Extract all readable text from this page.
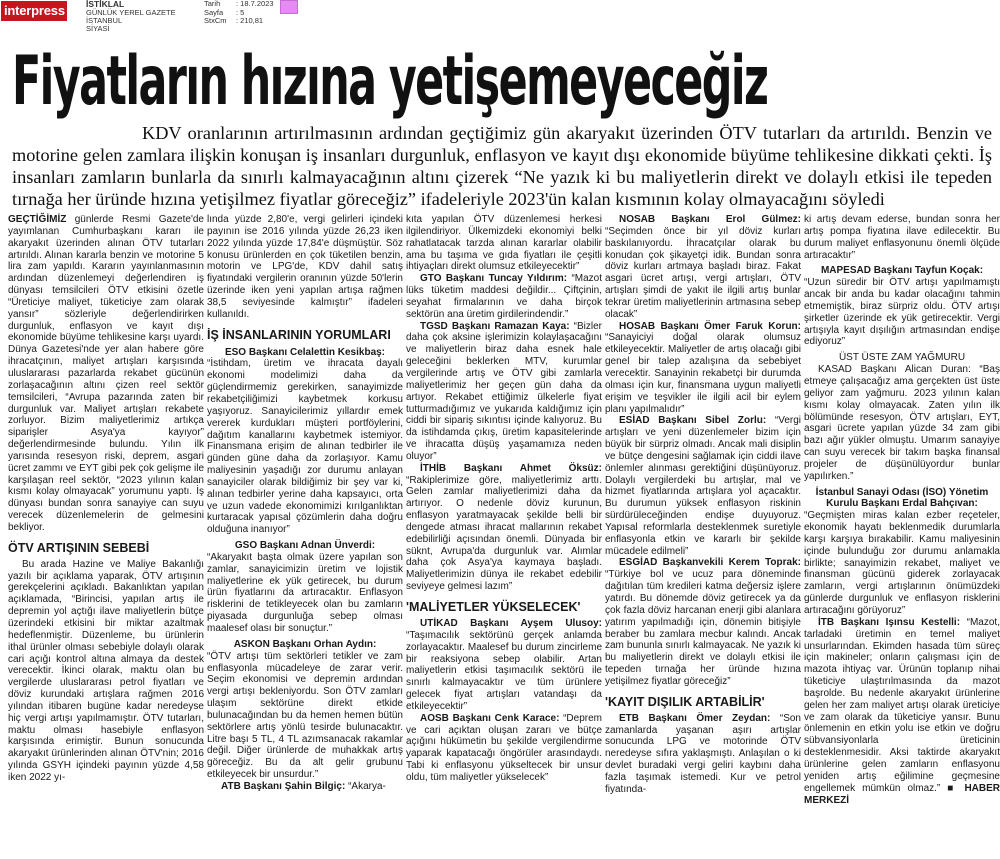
interpress İSTİKLAL
GÜNLÜK YEREL GAZETE
İSTANBUL
SİYASİ
Tarih	: 18.7.2023
Sayfa	: 5
StxCm	: 210,81
Fiyatların hızına yetişemeyeceğiz

KDV oranlarının artırılmasının ardından geçtiğimiz gün akaryakıt üzerinden ÖTV tutarları da artırıldı. Benzin ve motorine gelen zamlara ilişkin konuşan iş insanları durgunluk, enflasyon ve kayıt dışı ekonomide büyüme tehlikesine dikkati çekti. İş insanları zamların bunlarla da sınırlı kalmayacağının altını çizerek “Ne yazık ki bu maliyetlerin direkt ve dolaylı etkisi ile tepeden tırnağa her üründe hızına yetişilmez fiyatlar göreceğiz” ifadeleriyle 2023'ün kalan kısmının kolay olmayacağını söyledi

GEÇTİĞİMİZ günlerde Resmi Gazete'de yayımlanan Cumhurbaşkanı kararı ile akaryakıt üzerinden alınan ÖTV tutarları artırıldı. Alınan kararla benzin ve motorine 5 lira zam yapıldı. Kararın yayınlanmasının ardından düzenlemeyi değerlendiren iş dünyası temsilcileri ÖTV etkisini özetle “Üreticiye maliyet, tüketiciye zam olarak yansır” sözleriyle değerlendirirken durgunluk, enflasyon ve kayıt dışı ekonomide büyüme tehlikesine karşı uyardı. Dünya Gazetesi'nde yer alan habere göre ihracatçının, maliyet artışları karşısında uluslararası pazarlarda rekabet gücünün zorlaşacağının altını çizen reel sektör temsilcileri, “Avrupa pazarında zaten bir durgunluk var. Maliyet artışları rekabete zorluyor. Bizim maliyetlerimiz artıkça siparişler Asya'ya kayıyor” değerlendirmesinde bulundu. Yılın ilk yarısında resesyon riski, deprem, asgari ücret zammı ve EYT gibi pek çok gelişme ile karşılaşan reel sektör, “2023 yılının kalan kısmı kolay olmayacak” yorumunu yaptı. İş dünyası bundan sonra sanayiye can suyu verecek düzenlemelerin de gelmesini bekliyor.

ÖTV ARTIŞININ SEBEBİ

Bu arada Hazine ve Maliye Bakanlığı yazılı bir açıklama yaparak, ÖTV artışının gerekçelerini açıkladı. Bakanlıktan yapılan açıklamada, “Birincisi, yapılan artış ile depremin yol açtığı ilave maliyetlerin bütçe üzerindeki etkisini bir miktar azaltmak hedeflenmiştir. Düzenleme, bu ürünlerin ithal ürünler olması sebebiyle dolaylı olarak cari açığı kontrol altına almaya da destek verecektir. İkinci olarak, maktu olan bu vergilerde uluslararası petrol fiyatları ve döviz kurundaki artışlara rağmen 2016 yılından itibaren bugüne kadar neredeyse hiç vergi artışı yapılmamıştır. ÖTV tutarları, maktu olması hasebiyle enflasyon karşısında erimiştir. Bunun sonucunda akaryakıt ürünlerinden alınan ÖTV'nin; 2016 yılında GSYH içindeki payının yüzde 4,58 iken 2022 yı-

lında yüzde 2,80'e, vergi gelirleri içindeki payının ise 2016 yılında yüzde 26,23 iken 2022 yılında yüzde 17,84'e düşmüştür. Söz konusu ürünlerden en çok tüketilen benzin, motorin ve LPG'de, KDV dahil satış fiyatındaki vergilerin oranının yüzde 50'lerin üzerinde iken yeni yapılan artışa rağmen 38,5 seviyesinde kalmıştır” ifadeleri kullanıldı.

İŞ İNSANLARININ YORUMLARI
ESO Başkanı Celalettin Kesikbaş:

“İstihdam, üretim ve ihracata dayalı ekonomi modelimizi daha da güçlendirmemiz gerekirken, sanayimizde rekabetçiliğimizi kaybetmek korkusu yaşıyoruz. Sanayicilerimiz yıllardır emek vererek kurdukları müşteri portföylerini, dağıtım kanallarını kaybetmek istemiyor. Finansmana erişim de alınan tedbirler ile günden güne daha da zorlaşıyor. Kamu maliyesinin yaşadığı zor durumu anlayan sanayiciler olarak bildiğimiz bir şey var ki, alınan tedbirler yerine daha kapsayıcı, orta ve uzun vadede ekonomimizi kırılganlıktan kurtaracak yapısal çözümlerin daha doğru olduğuna inanıyor”

GSO Başkanı Adnan Ünverdi:

“Akaryakıt başta olmak üzere yapılan son zamlar, sanayicimizin üretim ve lojistik maliyetlerine ek yük getirecek, bu durum ürün fiyatlarını da artıracaktır. Enflasyon risklerini de tetikleyecek olan bu zamların piyasada durgunluğa sebep olması maalesef olası bir sonuçtur.”

ASKON Başkanı Orhan Aydın:

“ÖTV artışı tüm sektörleri tetikler ve zam enflasyonla mücadeleye de zarar verir. Seçim ekonomisi ve depremin ardından vergi artışı bekleniyordu. Son ÖTV zamları ulaşım sektörüne direkt etkide bulunacağından bu da hemen hemen bütün sektörlere artış yönlü tesirde bulunacaktır. Litre başı 5 TL, 4 TL azımsanacak rakamlar değil. Diğer ürünlerde de muhakkak artış göreceğiz. Bu da alt gelir grubunu etkileyecek bir unsurdur.”

ATB Başkanı Şahin Bilgiç: “Akarya-

kıta yapılan ÖTV düzenlemesi herkesi ilgilendiriyor. Ülkemizdeki ekonomiyi belki rahatlatacak tarzda alınan kararlar olabilir ama bu taşıma ve gıda fiyatları ile çeşitli ihtiyaçları direkt olumsuz etkileyecektir”

GTO Başkanı Tuncay Yıldırım: “Mazot lüks tüketim maddesi değildir... Çiftçinin, seyahat firmalarının ve daha birçok sektörün ana üretim girdilerindendir.”

TGSD Başkanı Ramazan Kaya: “Bizler daha çok aksine işlerimizin kolaylaşacağını ve maliyetlerin biraz daha esnek hale geleceğini beklerken MTV, kurumlar vergilerinde artış ve ÖTV gibi zamlarla maliyetlerimiz her geçen gün daha da artıyor. Rekabet ettiğimiz ülkelerle fiyat tutturmadığımız ve yukarıda kaldığımız için ciddi bir sipariş sıkıntısı içinde kalıyoruz. Bu da istihdamda çıkış, üretim kapasitelerinde ve ihracatta düşüş yaşamamıza neden oluyor”

İTHİB Başkanı Ahmet Öksüz: “Rakiplerimize göre, maliyetlerimiz arttı. Gelen zamlar maliyetlerimizi daha da artırıyor. O nedenle döviz kurunun, enflasyon yaratmayacak şekilde belli bir dengede atması ihracat mallarının rekabet edebilirliği açısından önemli. Dünyada bir süknt, Avrupa'da durgunluk var. Alımlar daha çok Asya'ya kaymaya başladı. Maliyetlerimizin dünya ile rekabet edebilir seviyeye gelmesi lazım”

'MALİYETLER YÜKSELECEK'

UTİKAD Başkanı Ayşem Ulusoy: “Taşımacılık sektörünü gerçek anlamda zorlayacaktır. Maalesef bu durum zincirleme bir reaksiyona sebep olabilir. Artan maliyetlerin etkisi taşımacılık sektörü ile sınırlı kalmayacaktır ve tüm ürünlere gelecek fiyat artışları vatandaşı da etkileyecektir”

AOSB Başkanı Cenk Karace: “Deprem ve cari açıktan oluşan zararı ve bütçe açığını hükümetin bu şekilde vergilendirme yaparak kapatacağı öngörüler arasındaydı. Tabi ki enflasyonu yükseltecek bir unsur oldu, tüm maliyetler yükselecek”

NOSAB Başkanı Erol Gülmez: “Seçimden önce bir yıl döviz kurları baskılanıyordu. İhracatçılar olarak bu konudan çok şikayetçi idik. Bundan sonra döviz kurları artmaya başladı biraz. Fakat asgari ücret artışı, vergi artışları, ÖTV artışları şimdi de yakıt ile ilgili artış bunlar tekrar üretim maliyetlerinin artmasına sebep olacak”

HOSAB Başkanı Ömer Faruk Korun: “Sanayiciyi doğal olarak olumsuz etkileyecektir. Maliyetler de artış olacağı gibi genel bir talep azalışına da sebebiyet verecektir. Sanayinin rekabetçi bir durumda olması için kur, finansmana uygun maliyetli erişim ve teşvikler ile ilgili acil bir eylem planı yapılmalıdır”

ESİAD Başkanı Sibel Zorlu: “Vergi artışları ve yeni düzenlemeler bizim için büyük bir sürpriz olmadı. Ancak mali disiplin ve bütçe dengesini sağlamak için ciddi ilave önlemler alınması gerektiğini düşünüyoruz. Dolaylı vergilerdeki bu artışlar, mal ve hizmet fiyatlarında artışlara yol açacaktır. Bu durumun yüksek enflasyon riskinin sürdürüleceğinden endişe duyuyoruz. Yapısal reformlarla desteklenmek suretiyle enflasyonla etkin ve kararlı bir şekilde mücadele edilmeli”

ESGİAD Başkanvekili Kerem Toprak: “Türkiye bol ve ucuz para döneminde dağıtılan tüm kredileri katma değersiz işlere yatırdı. Bu dönemde döviz getirecek ya da çok fazla döviz harcanan enerji gibi alanlara yatırım yapılmadığı için, dönemin bitişiyle beraber bu zamlara mecbur kalındı. Ancak zam bununla sınırlı kalmayacak. Ne yazık ki bu maliyetlerin direkt ve dolaylı etkisi ile tepeden tırnağa her üründe hızına yetişilmez fiyatlar göreceğiz”

'KAYIT DIŞILIK ARTABİLİR'

ETB Başkanı Ömer Zeydan: “Son zamanlarda yaşanan aşırı artışlar sonucunda LPG ve motorinde ÖTV neredeyse sıfıra yaklaşmıştı. Anlaşılan o ki devlet buradaki vergi geliri kaybını daha fazla taşımak istemedi. Kur ve petrol fiyatında-

ki artış devam ederse, bundan sonra her artış pompa fiyatına ilave edilecektir. Bu durum maliyet enflasyonunu önemli ölçüde artıracaktır”

MAPESAD Başkanı Tayfun Koçak:

“Uzun süredir bir ÖTV artışı yapılmamıştı ancak bir anda bu kadar olacağını tahmin etmemiştik, biraz sürpriz oldu. ÖTV artışı şirketler üzerinde ek yük getirecektir. Vergi artışıyla kayıt dışılığın artmasından endişe ediyoruz”

ÜST ÜSTE ZAM YAĞMURU

KASAD Başkanı Alican Duran: “Baş etmeye çalışacağız ama gerçekten üst üste geliyor zam yağmuru. 2023 yılının kalan kısmı kolay olmayacak. Zaten yılın ilk bölümünde resesyon, ÖTV artışları, EYT, asgari ücrete yapılan yüzde 34 zam gibi bazı ağır yükler olmuştu. Umarım sanayiye can suyu verecek bir takım başka finansal projeler de düşünülüyordur bunlar yapılırken.”

İstanbul Sanayi Odası (İSO) Yönetim Kurulu Başkanı Erdal Bahçıvan:

“Geçmişten miras kalan ezber reçeteler, ekonomik hayatı beklenmedik durumlarla karşı karşıya bırakabilir. Kamu maliyesinin içinde bulunduğu zor durumu anlamakla birlikte; sanayimizin rekabet, maliyet ve finansman gücünü giderek zorlayacak zamların, vergi artışlarının önümüzdeki günlerde durgunluk ve enflasyon risklerini artıracağını görüyoruz”

İTB Başkanı Işınsu Kestelli: “Mazot, tarladaki üretimin en temel maliyet unsurlarından. Ekimden hasada tüm süreç için makineler; onların çalışması için de mazota ihtiyaç var. Ürünün toplanıp nihai tüketiciye ulaştırılmasında da mazot başrolde. Bu nedenle akaryakıt ürünlerine gelen her zam maliyet artışı olarak üreticiye ve zam olarak da tüketiciye yansır. Bunu önlemenin en etkin yolu ise etkin ve doğru sübvansiyonlarla üreticinin desteklenmesidir. Aksi taktirde akaryakıt ürünlerine gelen zamların enflasyonu yeniden artış eğilimine geçmesine engellemek mümkün olmaz.” ■ HABER MERKEZİ
